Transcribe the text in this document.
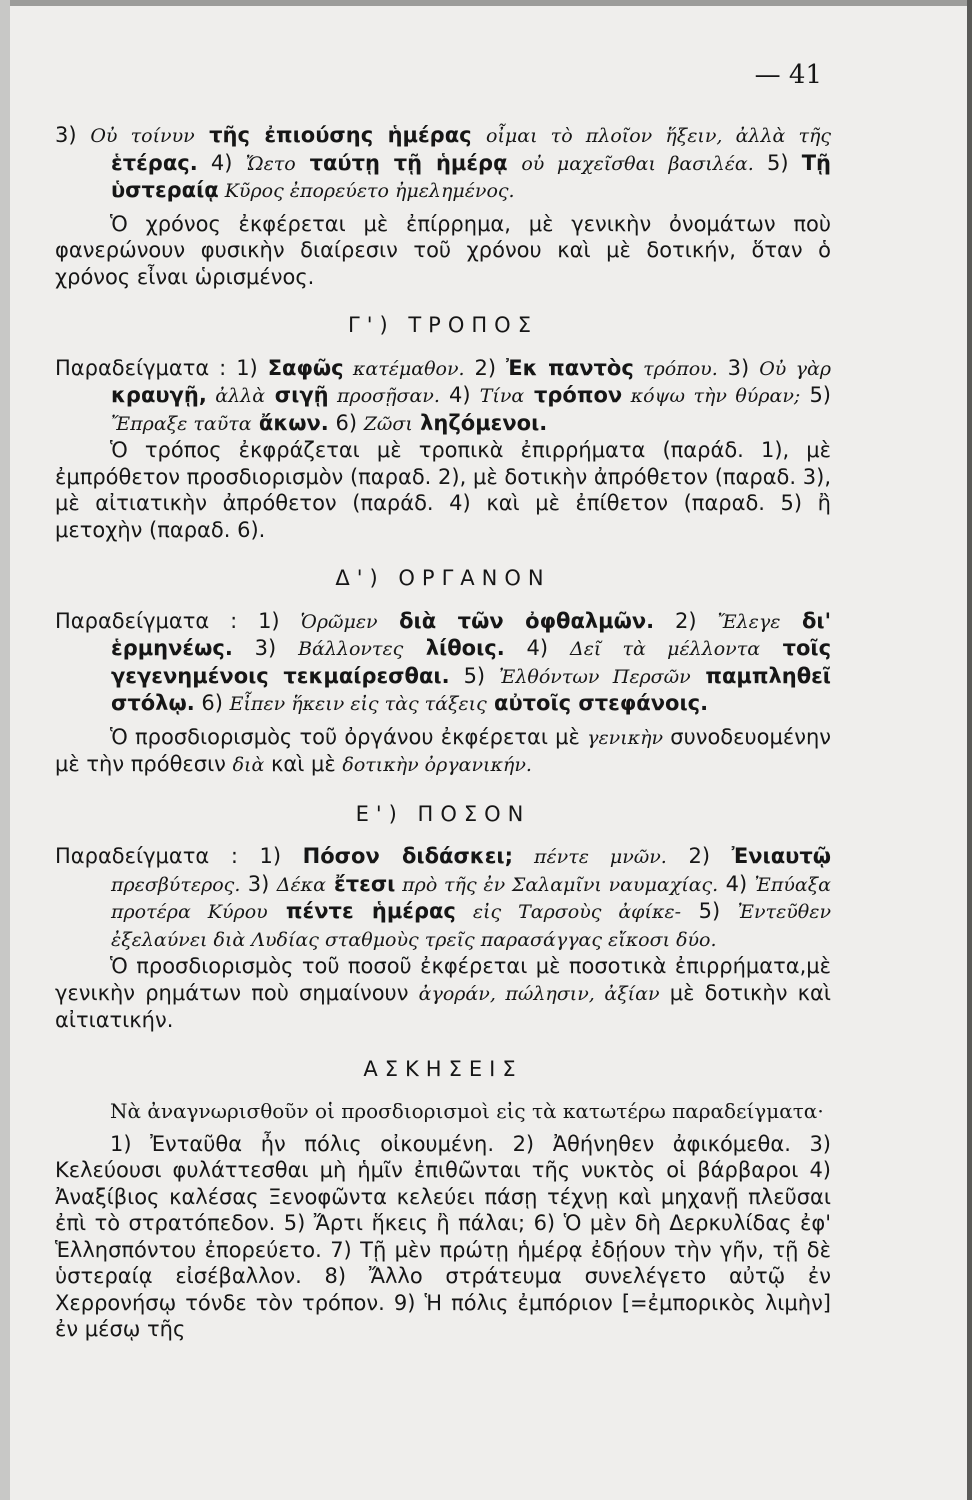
— 41

3) Οὐ τοίνυν τῆς ἐπιούσης ἡμέρας οἶμαι τὸ πλοῖον ἥξειν, ἀλλὰ τῆς ἑτέρας. 4) Ὤετο ταύτῃ τῇ ἡμέρᾳ οὐ μαχεῖσθαι βασιλέα. 5) Τῇ ὑστεραίᾳ Κῦρος ἐπορεύετο ἠμελημένος.

Ὁ χρόνος ἐκφέρεται μὲ ἐπίρρημα, μὲ γενικὴν ὀνομάτων ποὺ φανερώνουν φυσικὴν διαίρεσιν τοῦ χρόνου καὶ μὲ δοτικήν, ὅταν ὁ χρόνος εἶναι ὡρισμένος.

Γ') ΤΡΟΠΟΣ

Παραδείγματα : 1) Σαφῶς κατέμαθον. 2) Ἐκ παντὸς τρόπου. 3) Οὐ γὰρ κραυγῇ, ἀλλὰ σιγῇ προσῇσαν. 4) Τίνα τρόπον κόψω τὴν θύραν; 5) Ἔπραξε ταῦτα ἄκων. 6) Ζῶσι ληζόμενοι.

Ὁ τρόπος ἐκφράζεται μὲ τροπικὰ ἐπιρρήματα (παράδ. 1), μὲ ἐμπρόθετον προσδιορισμὸν (παραδ. 2), μὲ δοτικὴν ἀπρόθετον (παραδ. 3), μὲ αἰτιατικὴν ἀπρόθετον (παράδ. 4) καὶ μὲ ἐπίθετον (παραδ. 5) ἢ μετοχὴν (παραδ. 6).

Δ') ΟΡΓΑΝΟΝ

Παραδείγματα : 1) Ὁρῶμεν διὰ τῶν ὀφθαλμῶν. 2) Ἔλεγε δι' ἑρμηνέως. 3) Βάλλοντες λίθοις. 4) Δεῖ τὰ μέλλοντα τοῖς γεγενημένοις τεκμαίρεσθαι. 5) Ἐλθόντων Περσῶν παμπληθεῖ στόλῳ. 6) Εἶπεν ἥκειν εἰς τὰς τάξεις αὐτοῖς στεφάνοις.

Ὁ προσδιορισμὸς τοῦ ὀργάνου ἐκφέρεται μὲ γενικὴν συνοδευομένην μὲ τὴν πρόθεσιν διὰ καὶ μὲ δοτικὴν ὀργανικήν.

Ε') ΠΟΣΟΝ

Παραδείγματα : 1) Πόσον διδάσκει; πέντε μνῶν. 2) Ἐνιαυτῷ πρεσβύτερος. 3) Δέκα ἔτεσι πρὸ τῆς ἐν Σαλαμῖνι ναυμαχίας. 4) Ἐπύαξα προτέρα Κύρου πέντε ἡμέρας εἰς Ταρσοὺς ἀφίκε- 5) Ἐντεῦθεν ἐξελαύνει διὰ Λυδίας σταθμοὺς τρεῖς παρασάγγας εἴκοσι δύο.

Ὁ προσδιορισμὸς τοῦ ποσοῦ ἐκφέρεται μὲ ποσοτικὰ ἐπιρρήματα,μὲ γενικὴν ρημάτων ποὺ σημαίνουν ἀγοράν, πώλησιν, ἀξίαν μὲ δοτικὴν καὶ αἰτιατικήν.

ΑΣΚΗΣΕΙΣ

Νὰ ἀναγνωρισθοῦν οἱ προσδιορισμοὶ εἰς τὰ κατωτέρω παραδείγματα·

1) Ἐνταῦθα ἦν πόλις οἰκουμένη. 2) Ἀθήνηθεν ἀφικόμεθα. 3) Κελεύουσι φυλάττεσθαι μὴ ἡμῖν ἐπιθῶνται τῆς νυκτὸς οἱ βάρβαροι 4) Ἀναξίβιος καλέσας Ξενοφῶντα κελεύει πάσῃ τέχνῃ καὶ μηχανῇ πλεῦσαι ἐπὶ τὸ στρατόπεδον. 5) Ἄρτι ἥκεις ἢ πάλαι; 6) Ὁ μὲν δὴ Δερκυλίδας ἐφ' Ἑλλησπόντου ἐπορεύετο. 7) Τῇ μὲν πρώτῃ ἡμέρᾳ ἐδῄουν τὴν γῆν, τῇ δὲ ὑστεραίᾳ εἰσέβαλλον. 8) Ἄλλο στράτευμα συνελέγετο αὐτῷ ἐν Χερρονήσῳ τόνδε τὸν τρόπον. 9) Ἡ πόλις ἐμπόριον [=ἐμπορικὸς λιμὴν] ἐν μέσῳ τῆς
